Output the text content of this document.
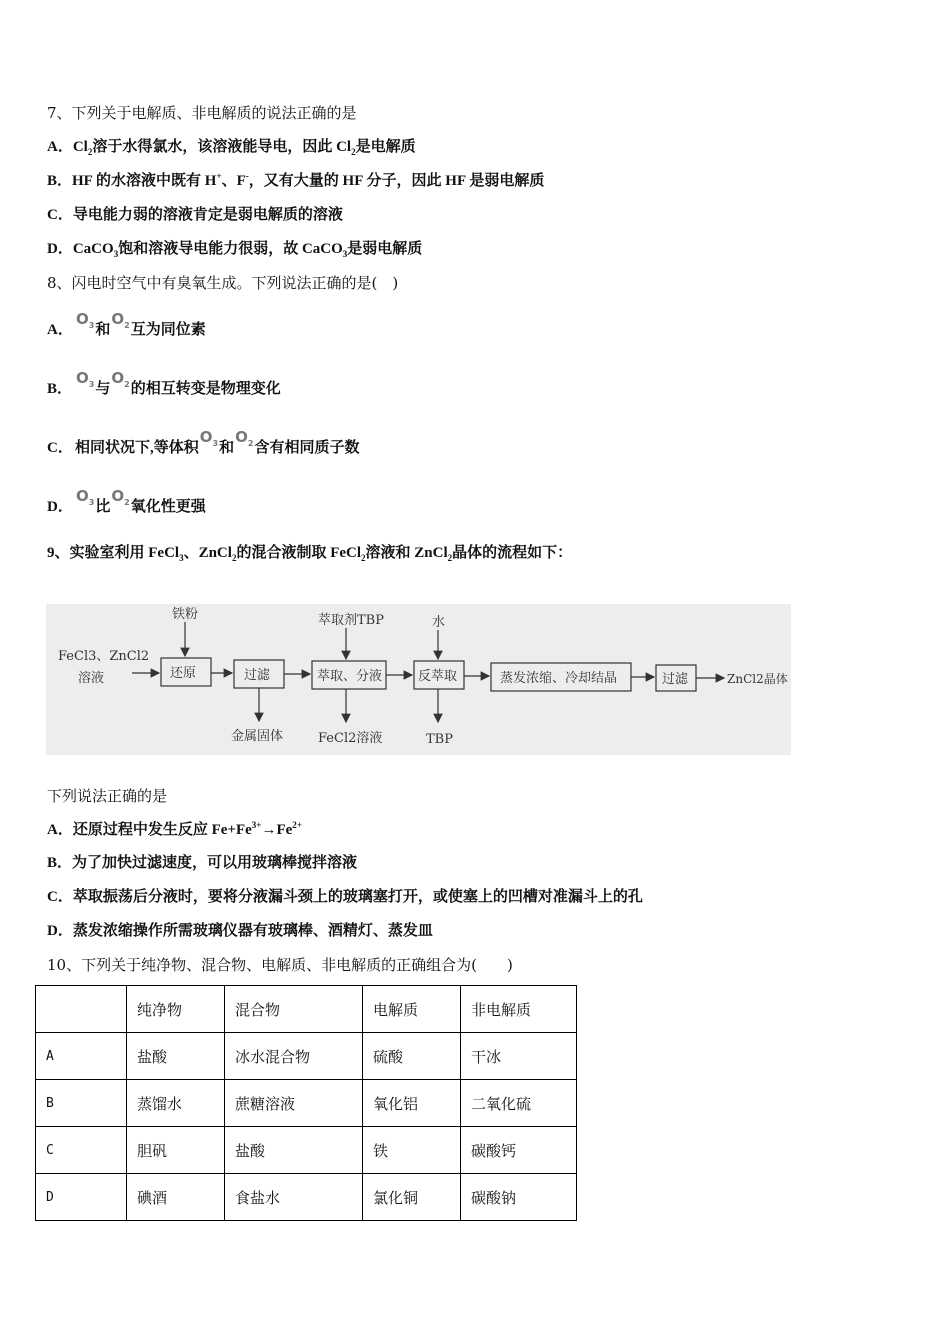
7、下列关于电解质、非电解质的说法正确的是
A．$Cl_2$溶于水得氯水，该溶液能导电，因此 $Cl_2$是电解质
B．HF 的水溶液中既有 H+、F-，又有大量的 HF 分子，因此 HF 是弱电解质
C．导电能力弱的溶液肯定是弱电解质的溶液
D．CaCO$_3$饱和溶液导电能力很弱，故 CaCO$_3$是弱电解质
8、闪电时空气中有臭氧生成。下列说法正确的是(　)
A．$O_3$和$O_2$互为同位素
B．$O_3$与$O_2$的相互转变是物理变化
C． 相同状况下,等体积$O_3$和$O_2$含有相同质子数
D．$O_3$比$O_2$氧化性更强
9、实验室利用 FeCl$_3$、ZnCl$_2$的混合液制取 FeCl$_2$溶液和 ZnCl$_2$晶体的流程如下：
FeCl3、ZnCl2
溶液
铁粉
还原	过滤
金属固体
萃取剂TBP
萃取、分液
FeCl2溶液
水
反萃取
TBP
蒸发浓缩、冷却结晶	过滤	ZnCl2晶体
下列说法正确的是
A．还原过程中发生反应 $Fe+Fe^{3+}\to Fe^{2+}$
B．为了加快过滤速度，可以用玻璃棒搅拌溶液
C．萃取振荡后分液时，要将分液漏斗颈上的玻璃塞打开，或使塞上的凹槽对准漏斗上的孔
D．蒸发浓缩操作所需玻璃仪器有玻璃棒、酒精灯、蒸发皿
10、下列关于纯净物、混合物、电解质、非电解质的正确组合为(　　)
	纯净物	混合物	电解质	非电解质
A	盐酸	冰水混合物	硫酸	干冰
B	蒸馏水	蔗糖溶液	氧化铝	二氧化硫
C	胆矾	盐酸	铁	碳酸钙
D	碘酒	食盐水	氯化铜	碳酸钠
